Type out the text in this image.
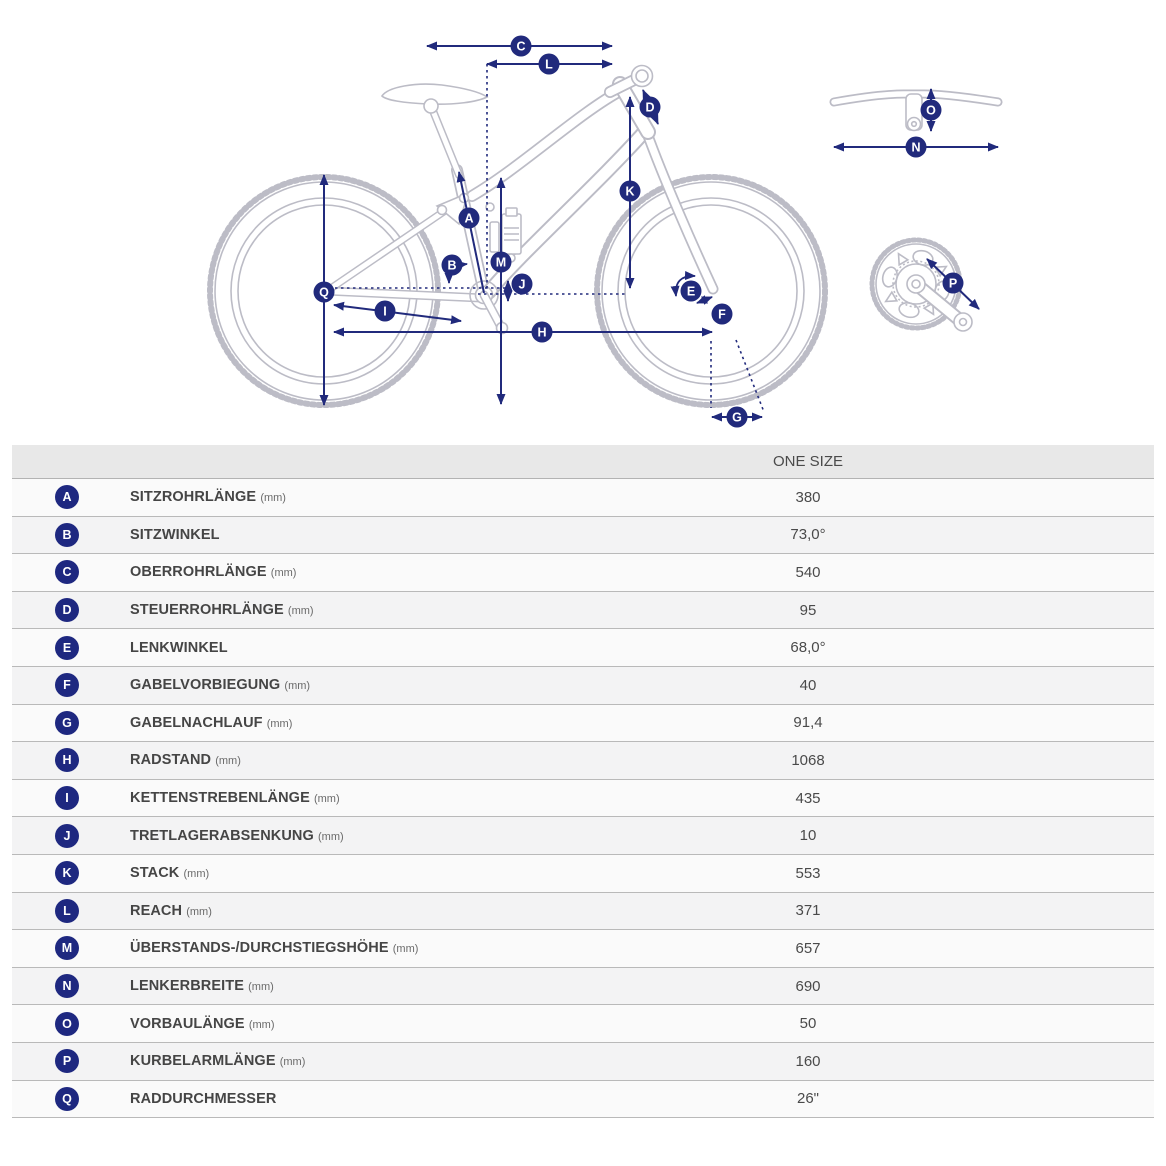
C
L
D
A
B	M
J
K
Q
I
H
E
F
G
N
O
P
ONE SIZE
A	SITZROHRLÄNGE (mm)	380
B	SITZWINKEL	73,0°
C	OBERROHRLÄNGE (mm)	540
D	STEUERROHRLÄNGE (mm)	95
E	LENKWINKEL	68,0°
F	GABELVORBIEGUNG (mm)	40
G	GABELNACHLAUF (mm)	91,4
H	RADSTAND (mm)	1068
I	KETTENSTREBENLÄNGE (mm)	435
J	TRETLAGERABSENKUNG (mm)	10
K	STACK (mm)	553
L	REACH (mm)	371
M	ÜBERSTANDS-/DURCHSTIEGSHÖHE (mm)	657
N	LENKERBREITE (mm)	690
O	VORBAULÄNGE (mm)	50
P	KURBELARMLÄNGE (mm)	160
Q	RADDURCHMESSER	26"
